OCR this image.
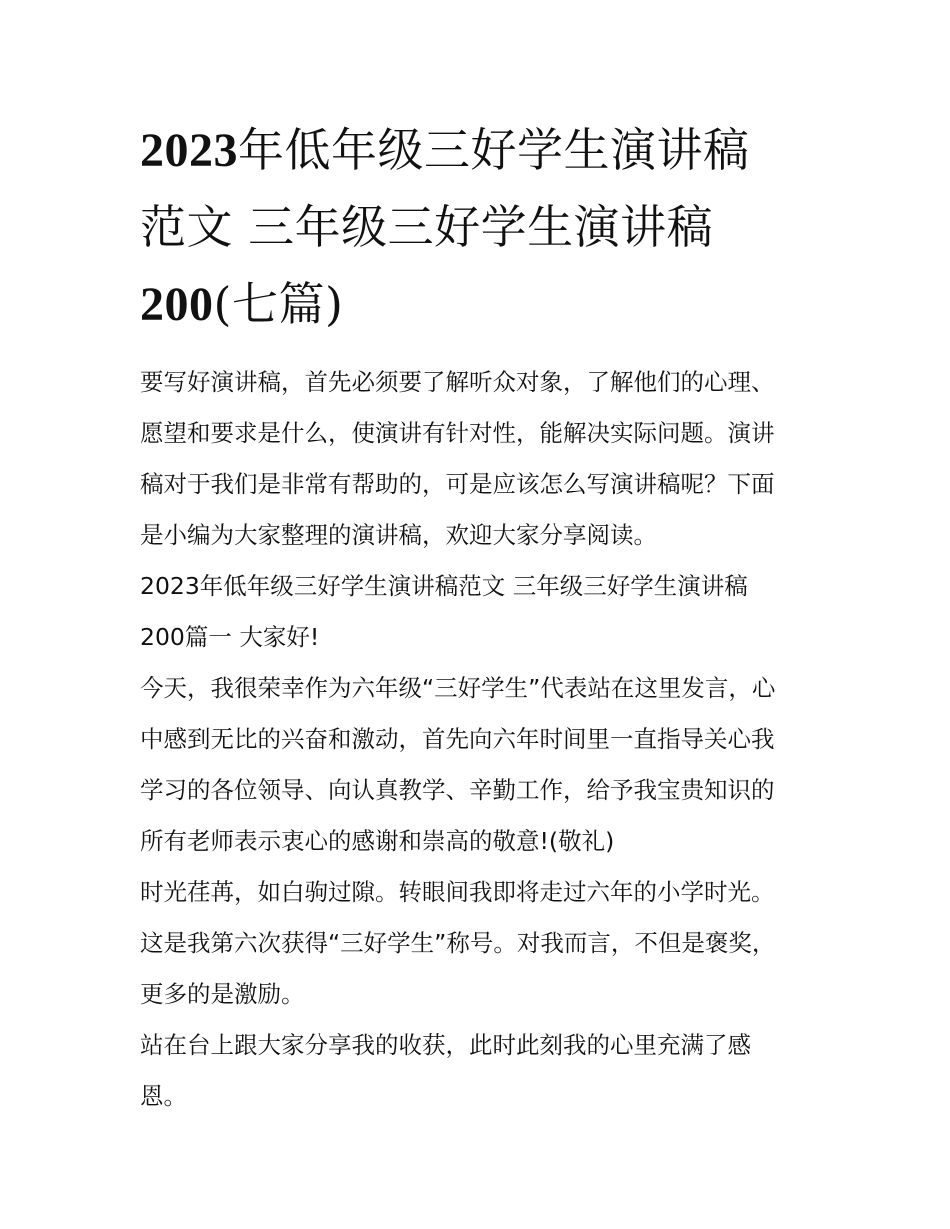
2023年低年级三好学生演讲稿
范文 三年级三好学生演讲稿
200(七篇)

要写好演讲稿，首先必须要了解听众对象，了解他们的心理、
愿望和要求是什么，使演讲有针对性，能解决实际问题。演讲
稿对于我们是非常有帮助的，可是应该怎么写演讲稿呢？下面
是小编为大家整理的演讲稿，欢迎大家分享阅读。

2023年低年级三好学生演讲稿范文 三年级三好学生演讲稿
200篇一 大家好!

今天，我很荣幸作为六年级“三好学生”代表站在这里发言，心
中感到无比的兴奋和激动，首先向六年时间里一直指导关心我
学习的各位领导、向认真教学、辛勤工作，给予我宝贵知识的
所有老师表示衷心的感谢和崇高的敬意!(敬礼)

时光荏苒，如白驹过隙。转眼间我即将走过六年的小学时光。
这是我第六次获得“三好学生”称号。对我而言，不但是褒奖，
更多的是激励。

站在台上跟大家分享我的收获，此时此刻我的心里充满了感
恩。
